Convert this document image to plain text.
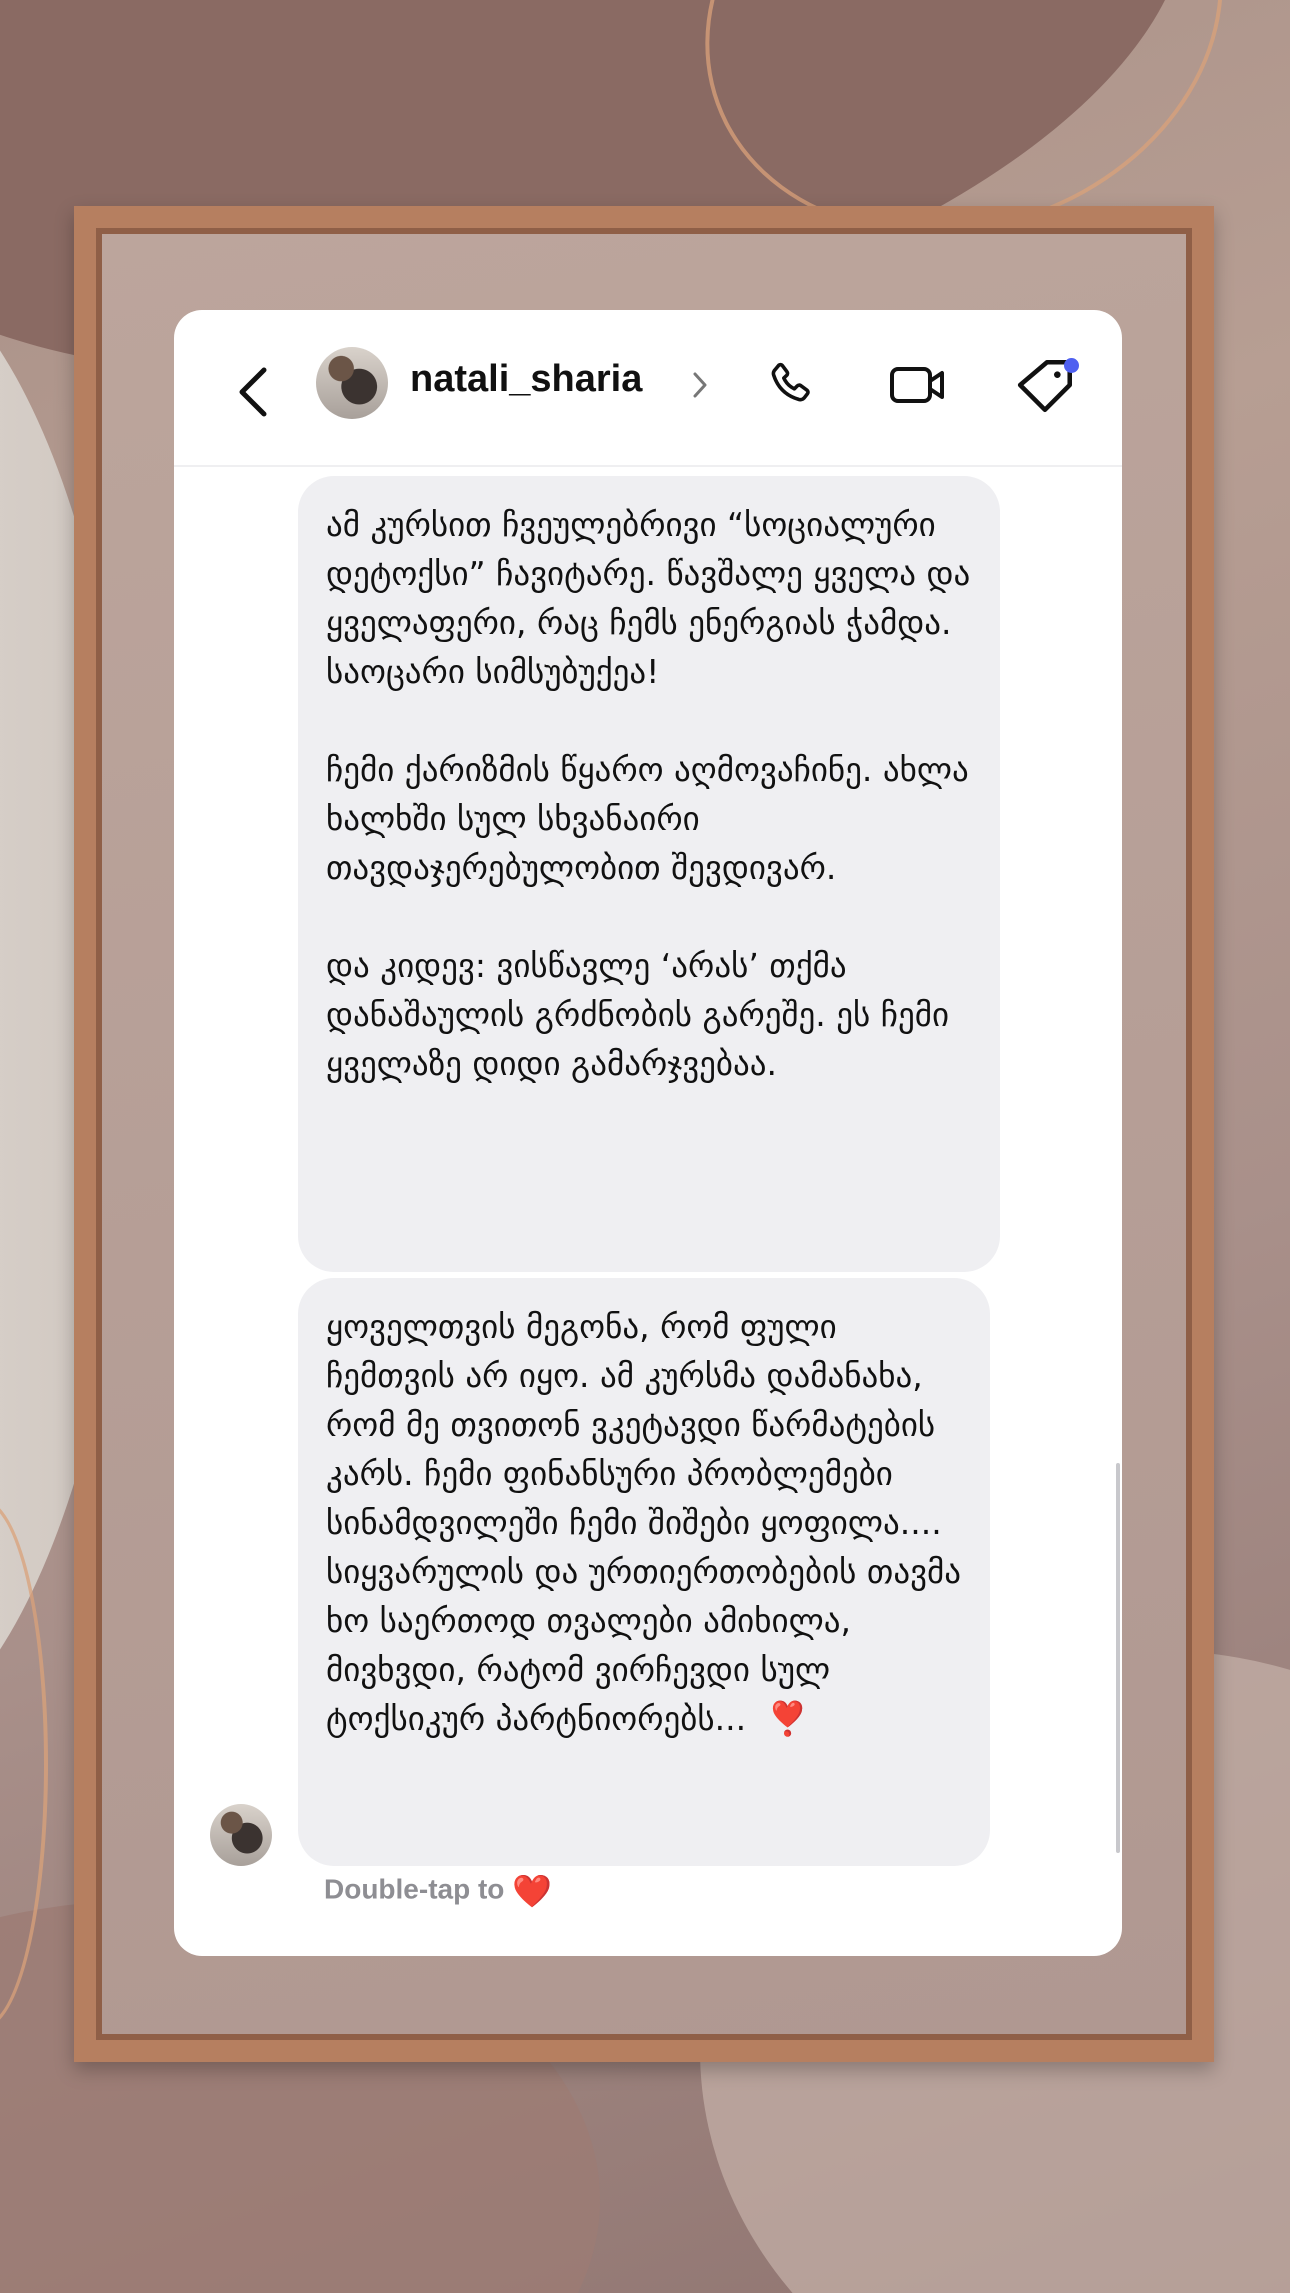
natali_sharia
ამ კურსით ჩვეულებრივი “სოციალური დეტოქსი” ჩავიტარე. წავშალე ყველა და ყველაფერი, რაც ჩემს ენერგიას ჭამდა. საოცარი სიმსუბუქეა!

ჩემი ქარიზმის წყარო აღმოვაჩინე. ახლა ხალხში სულ სხვანაირი თავდაჯერებულობით შევდივარ.

და კიდევ: ვისწავლე ‘არას’ თქმა დანაშაულის გრძნობის გარეშე. ეს ჩემი ყველაზე დიდი გამარჯვებაა.
ყოველთვის მეგონა, რომ ფული ჩემთვის არ იყო. ამ კურსმა დამანახა, რომ მე თვითონ ვკეტავდი წარმატების კარს. ჩემი ფინანსური პრობლემები სინამდვილეში ჩემი შიშები ყოფილა.... სიყვარულის და ურთიერთობების თავმა ხო საერთოდ თვალები ამიხილა, მივხვდი, რატომ ვირჩევდი სულ ტოქსიკურ პარტნიორებს...  ❣️
Double-tap to ❤️
